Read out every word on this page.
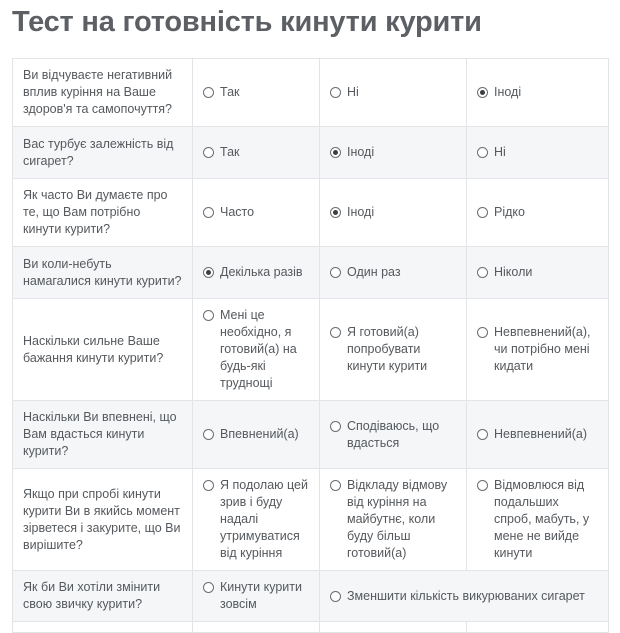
Тест на готовність кинути курити
Ви відчуваєте негативний вплив куріння на Ваше здоров'я та самопочуття?	Так	Ні	Іноді

Вас турбує залежність від сигарет?	Так	Іноді	Ні

Як часто Ви думаєте про те, що Вам потрібно кинути курити?	Часто	Іноді	Рідко

Ви коли-небуть намагалися кинути курити?	Декілька разів	Один раз	Ніколи

Наскільки сильне Ваше бажання кинути курити?	Мені це необхідно, я готовий(а) на будь-які труднощі	Я готовий(а) попробувати кинути курити	Невпевнений(а), чи потрібно мені кидати

Наскільки Ви впевнені, що Вам вдасться кинути курити?	Впевнений(а)	Сподіваюсь, що вдасться	Невпевнений(а)

Якщо при спробі кинути курити Ви в якийсь момент зірветеся і закурите, що Ви вирішите?	Я подолаю цей зрив і буду надалі утримуватися від куріння	Відкладу відмову від куріння на майбутнє, коли буду більш готовий(а)	Відмовлюся від подальших спроб, мабуть, у мене не вийде кинути

Як би Ви хотіли змінити свою звичку курити?	Кинути курити зовсім	Зменшити кількість викурюваних сигарет	
